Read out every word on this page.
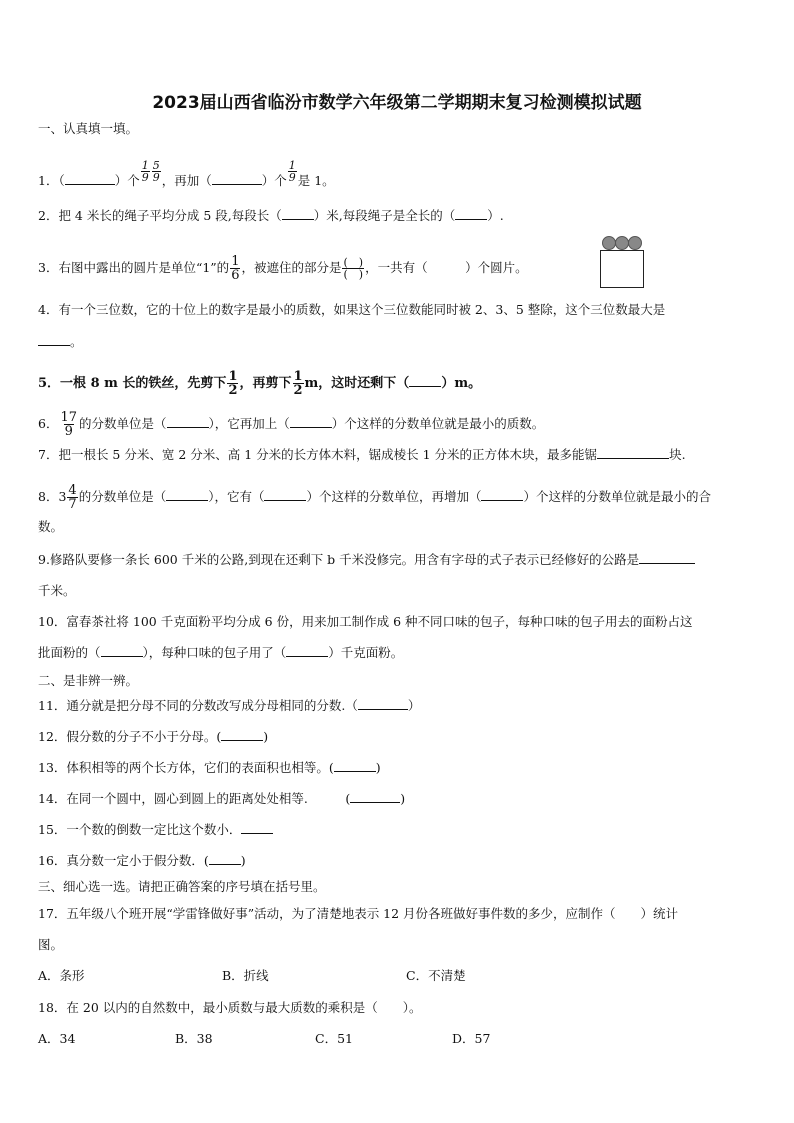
2023届山西省临汾市数学六年级第二学期期末复习检测模拟试题
一、认真填一填。
1．（	）个 $\frac{1}{9} \frac{5}{9}$ ，再加（	）个 $\frac{1}{9}$ 是 1。
2．把 4 米长的绳子平均分成 5 段,每段长（	）米,每段绳子是全长的（	）.
3．右图中露出的圆片是单位“1”的 $\frac{1}{6}$ ，被遮住的部分是 $\frac{( )}{( )}$ ，一共有（　　　）个圆片。
4．有一个三位数，它的十位上的数字是最小的质数，如果这个三位数能同时被 2、3、5 整除，这个三位数最大是
。
5．一根 8 m 长的铁丝，先剪下 $\frac{1}{2}$ ，再剪下 $\frac{1}{2}$ m，这时还剩下（ ）m。
6． $\frac{17}{9}$ 的分数单位是（	），它再加上（	）个这样的分数单位就是最小的质数。
7．把一根长 5 分米、宽 2 分米、高 1 分米的长方体木料，锯成棱长 1 分米的正方体木块，最多能锯	块.
8．$3 \frac{4}{7}$ 的分数单位是（	），它有（	）个这样的分数单位，再增加（	）个这样的分数单位就是最小的合
数。
9.修路队要修一条长 600 千米的公路,到现在还剩下 b 千米没修完。用含有字母的式子表示已经修好的公路是
千米。
10．富春茶社将 100 千克面粉平均分成 6 份，用来加工制作成 6 种不同口味的包子，每种口味的包子用去的面粉占这
批面粉的（	），每种口味的包子用了（	）千克面粉。
二、是非辨一辨。
11．通分就是把分母不同的分数改写成分母相同的分数.（	）
12．假分数的分子不小于分母。(	)
13．体积相等的两个长方体，它们的表面积也相等。(	)
14．在同一个圆中，圆心到圆上的距离处处相等.　　　(	)
15．一个数的倒数一定比这个数小．
16．真分数一定小于假分数．(	)
三、细心选一选。请把正确答案的序号填在括号里。
17．五年级八个班开展“学雷锋做好事”活动，为了清楚地表示 12 月份各班做好事件数的多少，应制作（　　）统计
图。
A．条形	B．折线	C．不清楚
18．在 20 以内的自然数中，最小质数与最大质数的乘积是（　　）。
A．34	B．38	C．51	D．57
